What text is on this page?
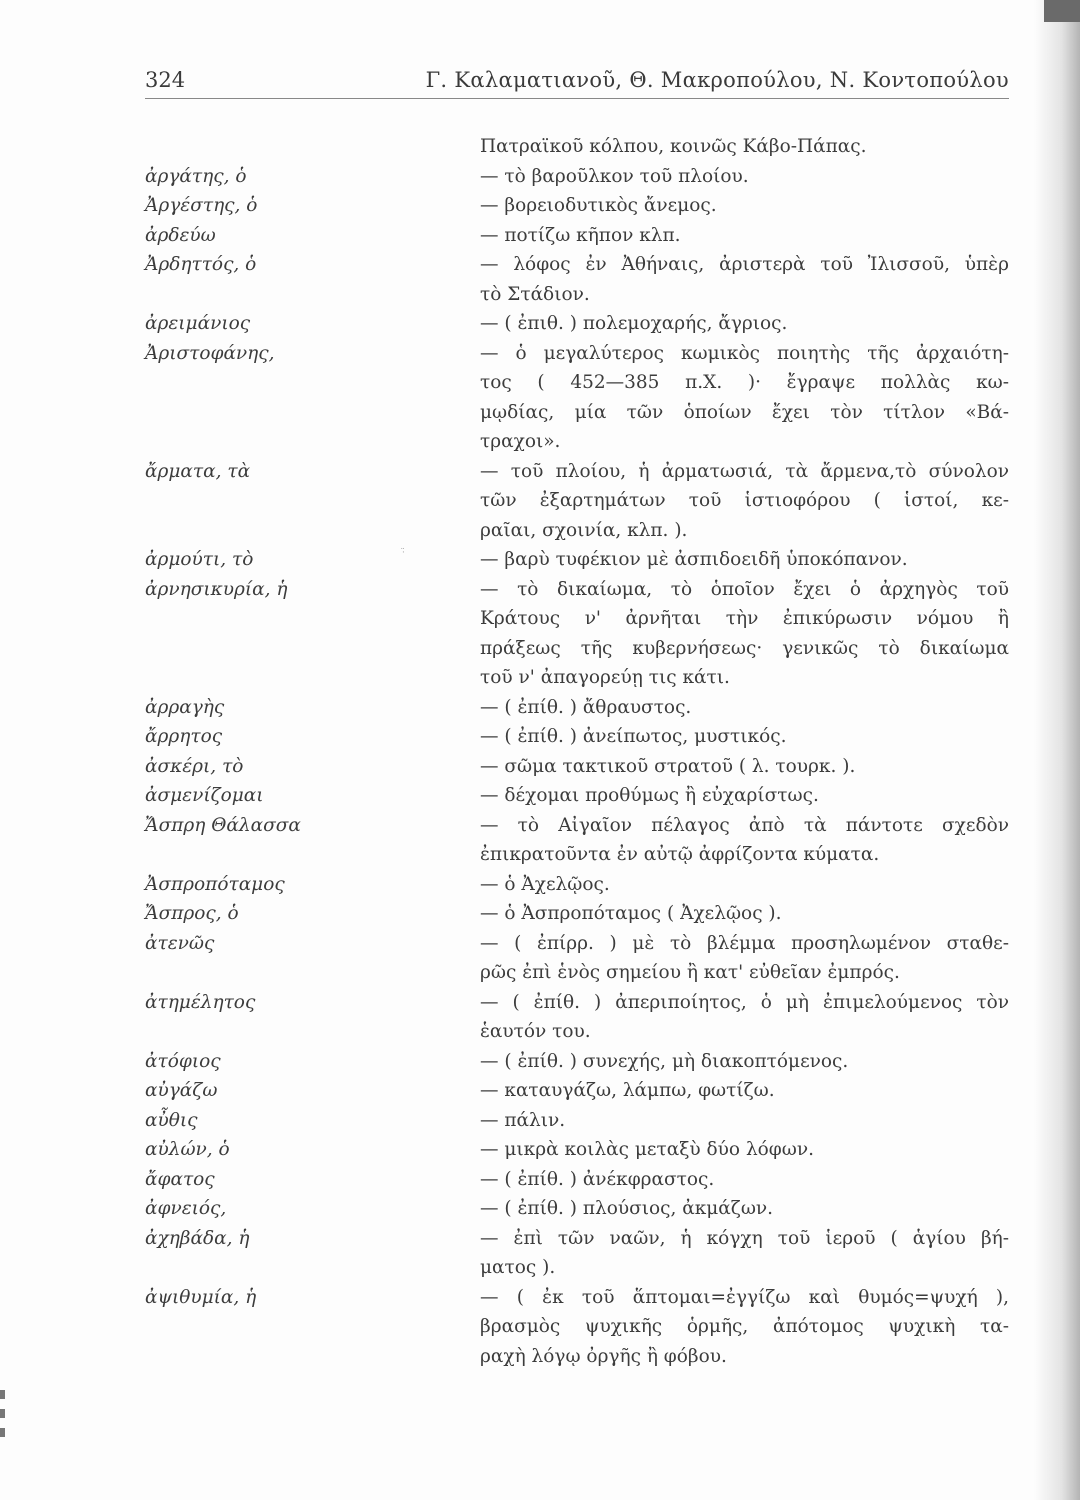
324	Γ. Καλαματιανοῦ, Θ. Μακροπούλου, Ν. Κοντοπούλου
·̈
Πατραϊκοῦ κόλπου, κοινῶς Κάβο-Πάπας.
ἀργάτης, ὁ	— τὸ βαροῦλκον τοῦ πλοίου.
Ἀργέστης, ὁ	— βορειοδυτικὸς ἄνεμος.
ἀρδεύω	— ποτίζω κῆπον κλπ.
Ἀρδηττός, ὁ	— λόφος ἐν Ἀθήναις, ἀριστερὰ τοῦ Ἰλισσοῦ, ὑπὲρ
τὸ Στάδιον.
ἀρειμάνιος	— ( ἐπιθ. ) πολεμοχαρής, ἄγριος.
Ἀριστοφάνης,	— ὁ μεγαλύτερος κωμικὸς ποιητὴς τῆς ἀρχαιότη-
τος ( 452—385 π.Χ. )· ἔγραψε πολλὰς κω-
μῳδίας, μία τῶν ὁποίων ἔχει τὸν τίτλον «Βά-
τραχοι».
ἄρματα, τὰ	— τοῦ πλοίου, ἡ ἀρματωσιά, τὰ ἄρμενα,τὸ σύνολον
τῶν ἐξαρτημάτων τοῦ ἱστιοφόρου ( ἱστοί, κε-
ραῖαι, σχοινία, κλπ. ).
ἀρμούτι, τὸ	— βαρὺ τυφέκιον μὲ ἀσπιδοειδῆ ὑποκόπανον.
ἀρνησικυρία, ἡ	— τὸ δικαίωμα, τὸ ὁποῖον ἔχει ὁ ἀρχηγὸς τοῦ
Κράτους ν' ἀρνῆται τὴν ἐπικύρωσιν νόμου ἢ
πράξεως τῆς κυβερνήσεως· γενικῶς τὸ δικαίωμα
τοῦ ν' ἀπαγορεύῃ τις κάτι.
ἀρραγὴς	— ( ἐπίθ. ) ἄθραυστος.
ἄρρητος	— ( ἐπίθ. ) ἀνείπωτος, μυστικός.
ἀσκέρι, τὸ	— σῶμα τακτικοῦ στρατοῦ ( λ. τουρκ. ).
ἀσμενίζομαι	— δέχομαι προθύμως ἢ εὐχαρίστως.
Ἄσπρη Θάλασσα	— τὸ Αἰγαῖον πέλαγος ἀπὸ τὰ πάντοτε σχεδὸν
ἐπικρατοῦντα ἐν αὐτῷ ἀφρίζοντα κύματα.
Ἀσπροπόταμος	— ὁ Ἀχελῷος.
Ἄσπρος, ὁ	— ὁ Ἀσπροπόταμος ( Ἀχελῷος ).
ἀτενῶς	— ( ἐπίρρ. ) μὲ τὸ βλέμμα προσηλωμένον σταθε-
ρῶς ἐπὶ ἑνὸς σημείου ἢ κατ' εὐθεῖαν ἐμπρός.
ἀτημέλητος	— ( ἐπίθ. ) ἀπεριποίητος, ὁ μὴ ἐπιμελούμενος τὸν
ἑαυτόν του.
ἀτόφιος	— ( ἐπίθ. ) συνεχής, μὴ διακοπτόμενος.
αὐγάζω	— καταυγάζω, λάμπω, φωτίζω.
αὖθις	— πάλιν.
αὐλών, ὁ	— μικρὰ κοιλὰς μεταξὺ δύο λόφων.
ἄφατος	— ( ἐπίθ. ) ἀνέκφραστος.
ἀφνειός,	— ( ἐπίθ. ) πλούσιος, ἀκμάζων.
ἀχηβάδα, ἡ	— ἐπὶ τῶν ναῶν, ἡ κόγχη τοῦ ἱεροῦ ( ἁγίου βή-
ματος ).
ἀψιθυμία, ἡ	— ( ἐκ τοῦ ἅπτομαι=ἐγγίζω καὶ θυμός=ψυχή ),
βρασμὸς ψυχικῆς ὁρμῆς, ἀπότομος ψυχικὴ τα-
ραχὴ λόγῳ ὀργῆς ἢ φόβου.
